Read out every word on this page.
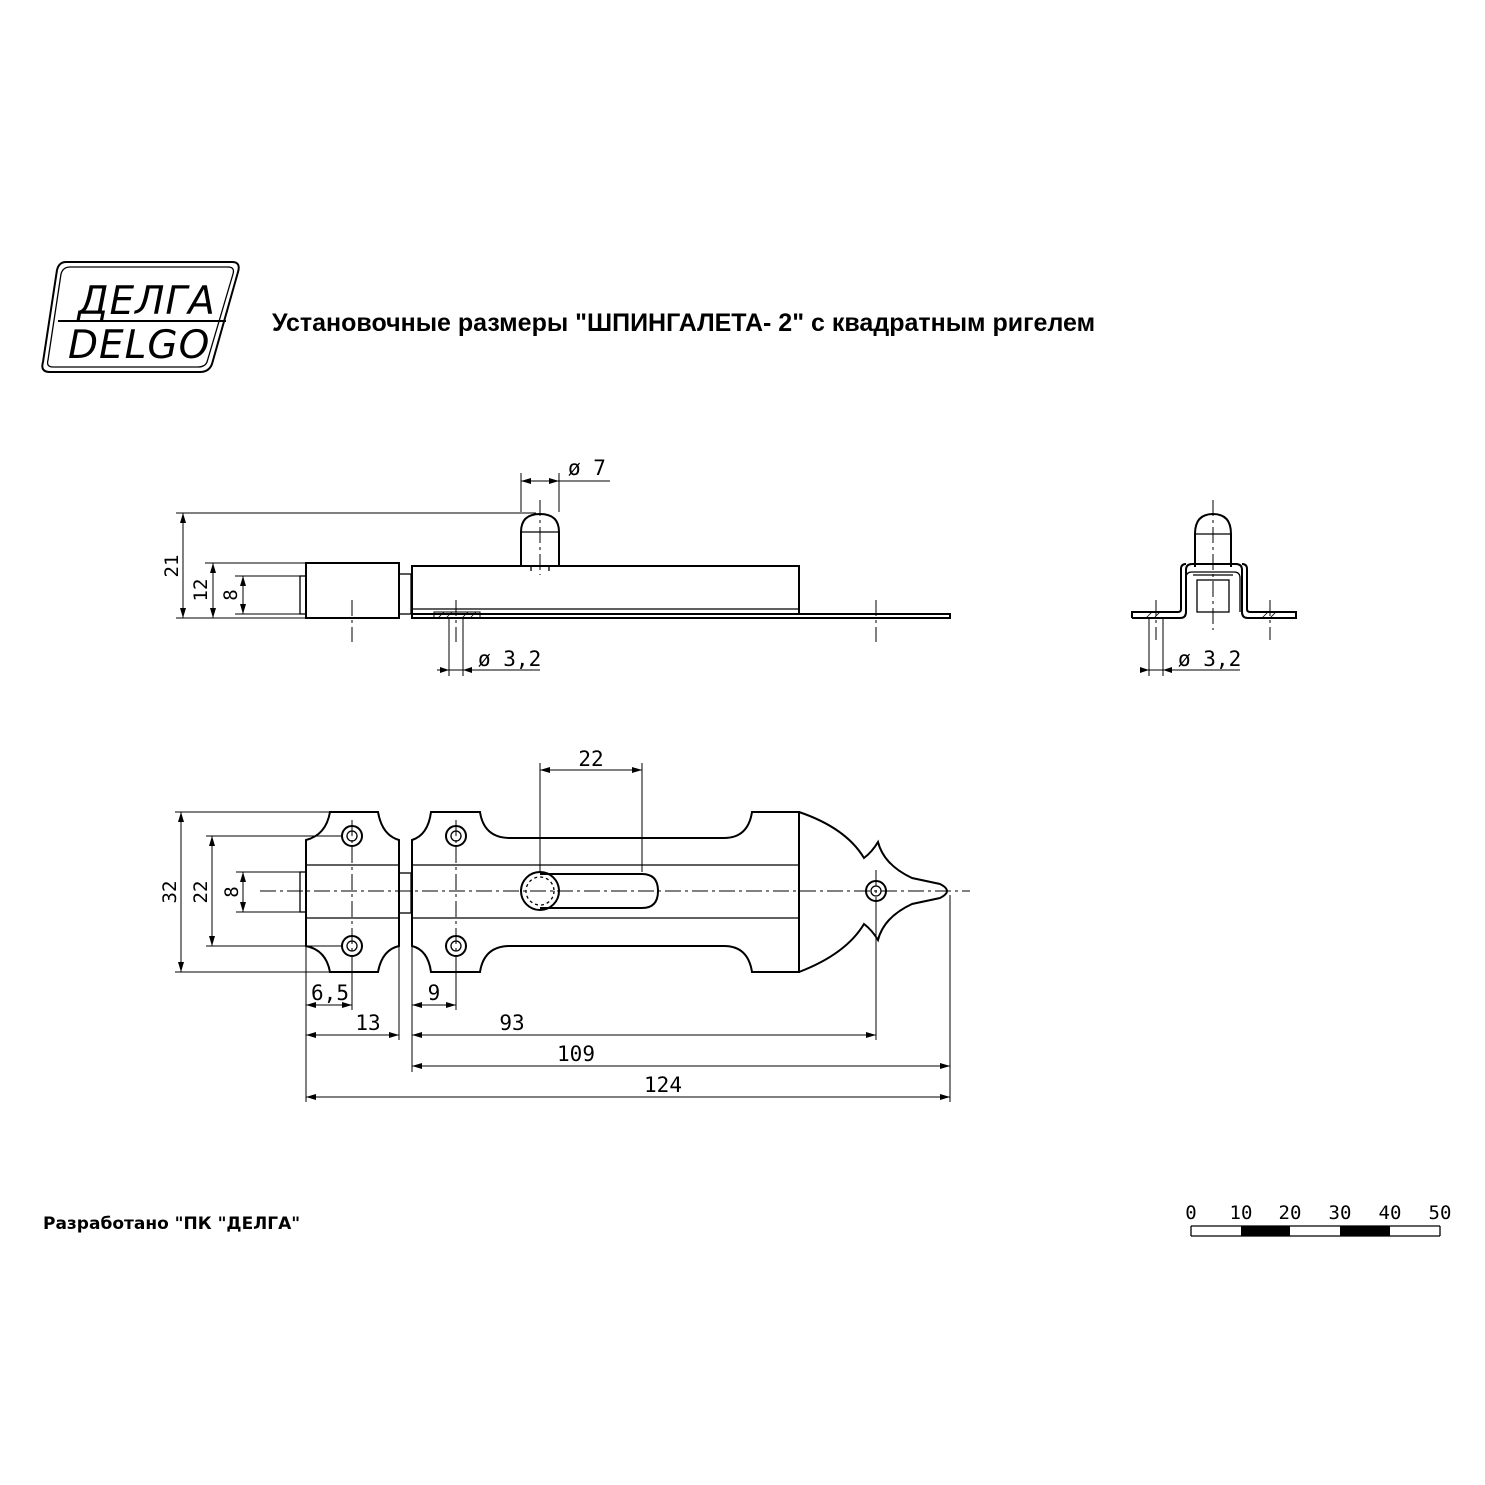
ДЕЛГА
DELGO Установочные размеры "ШПИНГАЛЕТА- 2" с квадратным ригелем
ø 7
ø 3,2
21
12 8
ø 3,2
22
32 22 8
6,5	9
13	93
109
124
Разработано "ПК "ДЕЛГА"	0 10 20 30 40 50
